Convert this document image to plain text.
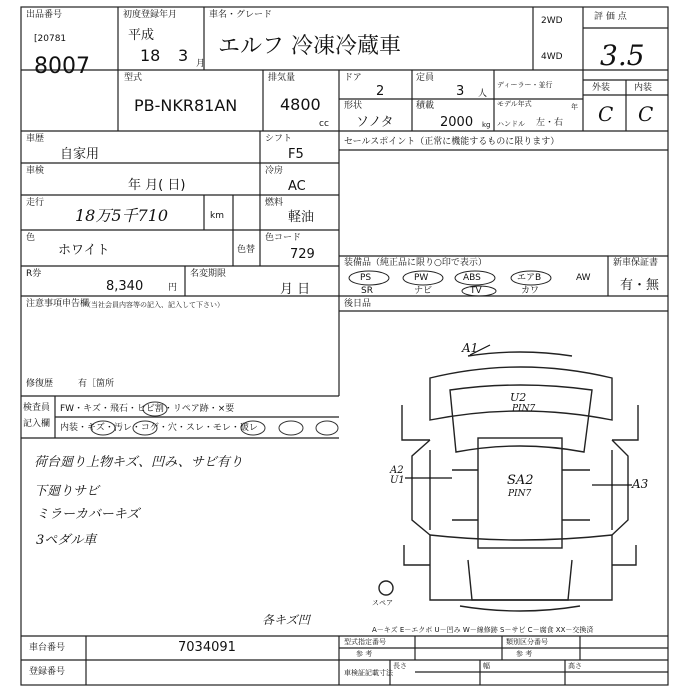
出品番号
[20781
8007
初度登録年月
平成
18 3 月
車名・グレード
エルフ 冷凍冷蔵車
2WD
4WD
評 価 点
3.5
型式
PB-NKR81AN
排気量
4800
cc
ドア
2
定員
3 人
ディーラー・並行
形状
ソノタ
積載
2000 kg
モデル年式	年
ハンドル 左・右
外装	内装
C C
車歴
自家用
車検
年 月( 日)
走行
18万5千710	km
色
ホワイト	色替
R券
8,340	円
名変期限
月 日
シフト
F5
冷房
AC
燃料
軽油
色コード
729
セールスポイント（正常に機能するものに限ります）
装備品（純正品に限り○印で表示）
PS	PW	ABS	エアB	AW
SR	ナビ	TV	カワ
新車保証書
有・無
後日品
注意事項申告欄
（当社会員内容等の記入、記入して下さい）
修復歴	有［箇所
検査員
記入欄
FW・キズ・飛石・ヒビ割・リペア跡・×要
内装・キズ・汚レ・コゲ・穴・スレ・モレ・破レ
荷台廻り上物キズ、凹み、サビ有り
下廻りサビ
ミラーカバーキズ
3ペダル車
A1
U2
PIN7
A2 U1	SA2
PIN7
A3
各キズ凹
スペア
A－キズ E－エクボ U－凹み W－線修跡 S－サビ C－腐食 XX－交換済
車台番号	7034091
登録番号
型式指定番号
参 考
類別区分番号
参 考
車検証記載寸法
長さ	幅	高さ
